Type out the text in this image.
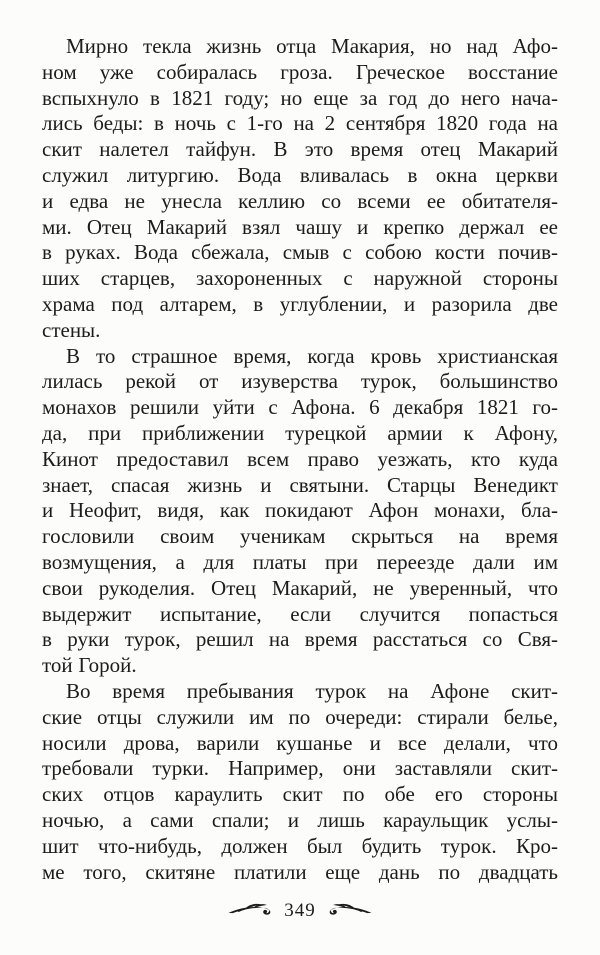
Мирно текла жизнь отца Макария, но над Афо-
ном уже собиралась гроза. Греческое восстание
вспыхнуло в 1821 году; но еще за год до него нача-
лись беды: в ночь с 1-го на 2 сентября 1820 года на
скит налетел тайфун. В это время отец Макарий
служил литургию. Вода вливалась в окна церкви
и едва не унесла келлию со всеми ее обитателя-
ми. Отец Макарий взял чашу и крепко держал ее
в руках. Вода сбежала, смыв с собою кости почив-
ших старцев, захороненных с наружной стороны
храма под алтарем, в углублении, и разорила две
стены.
В то страшное время, когда кровь христианская
лилась рекой от изуверства турок, большинство
монахов решили уйти с Афона. 6 декабря 1821 го-
да, при приближении турецкой армии к Афону,
Кинот предоставил всем право уезжать, кто куда
знает, спасая жизнь и святыни. Старцы Венедикт
и Неофит, видя, как покидают Афон монахи, бла-
гословили своим ученикам скрыться на время
возмущения, а для платы при переезде дали им
свои рукоделия. Отец Макарий, не уверенный, что
выдержит испытание, если случится попасться
в руки турок, решил на время расстаться со Свя-
той Горой.
Во время пребывания турок на Афоне скит-
ские отцы служили им по очереди: стирали белье,
носили дрова, варили кушанье и все делали, что
требовали турки. Например, они заставляли скит-
ских отцов караулить скит по обе его стороны
ночью, а сами спали; и лишь караульщик услы-
шит что-нибудь, должен был будить турок. Кро-
ме того, скитяне платили еще дань по двадцать
349
